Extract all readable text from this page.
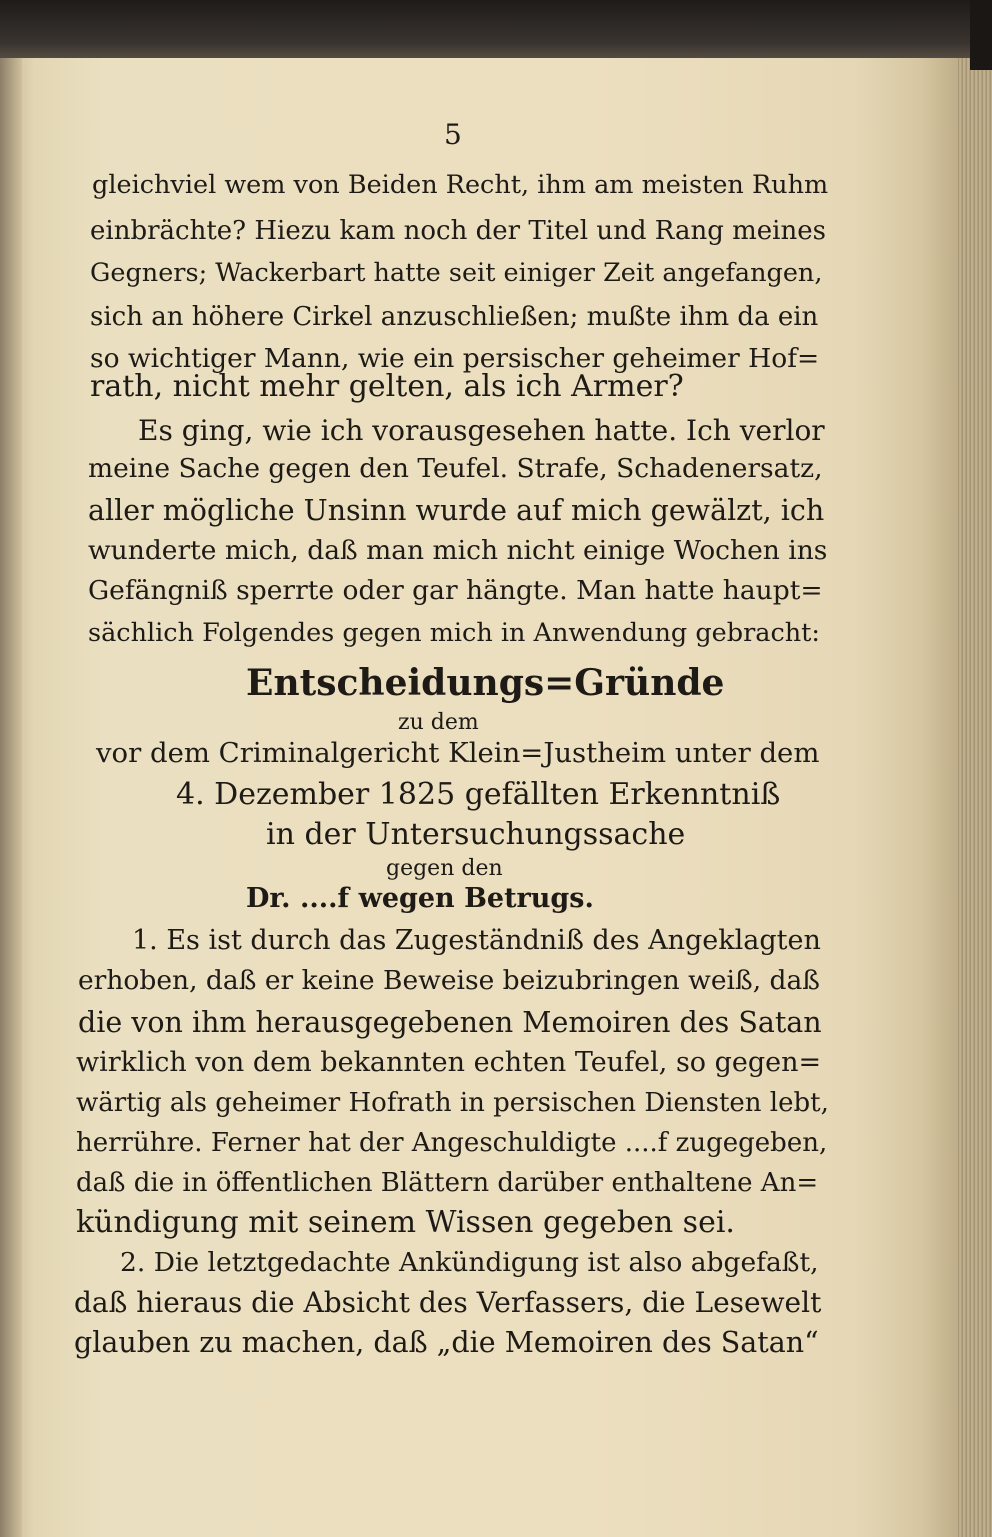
5

gleichviel wem von Beiden Recht, ihm am meisten Ruhm

einbrächte? Hiezu kam noch der Titel und Rang meines

Gegners; Wackerbart hatte seit einiger Zeit angefangen,

sich an höhere Cirkel anzuschließen; mußte ihm da ein

so wichtiger Mann, wie ein persischer geheimer Hof=

rath, nicht mehr gelten, als ich Armer?

Es ging, wie ich vorausgesehen hatte. Ich verlor

meine Sache gegen den Teufel. Strafe, Schadenersatz,

aller mögliche Unsinn wurde auf mich gewälzt, ich

wunderte mich, daß man mich nicht einige Wochen ins

Gefängniß sperrte oder gar hängte. Man hatte haupt=

sächlich Folgendes gegen mich in Anwendung gebracht:

Entscheidungs=Gründe

zu dem

vor dem Criminalgericht Klein=Justheim unter dem

4. Dezember 1825 gefällten Erkenntniß

in der Untersuchungssache

gegen den

Dr. ....f wegen Betrugs.

1. Es ist durch das Zugeständniß des Angeklagten

erhoben, daß er keine Beweise beizubringen weiß, daß

die von ihm herausgegebenen Memoiren des Satan

wirklich von dem bekannten echten Teufel, so gegen=

wärtig als geheimer Hofrath in persischen Diensten lebt,

herrühre. Ferner hat der Angeschuldigte ....f zugegeben,

daß die in öffentlichen Blättern darüber enthaltene An=

kündigung mit seinem Wissen gegeben sei.

2. Die letztgedachte Ankündigung ist also abgefaßt,

daß hieraus die Absicht des Verfassers, die Lesewelt

glauben zu machen, daß „die Memoiren des Satan“
